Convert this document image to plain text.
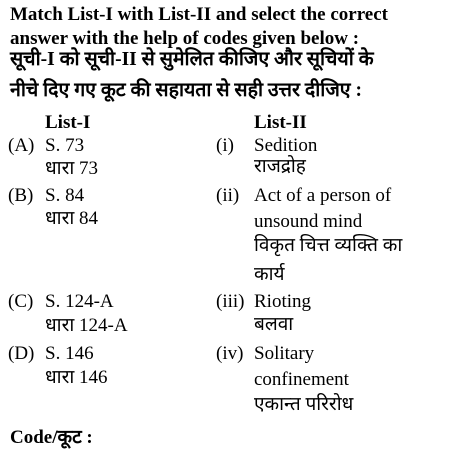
Match List-I with List-II and select the correct
answer with the help of codes given below :
सूची-I को सूची-II से सुमेलित कीजिए और सूचियों के
नीचे दिए गए कूट की सहायता से सही उत्तर दीजिए :
List-I	List-II
(A) S. 73
धारा 73
(i) Sedition
राजद्रोह
(B) S. 84
धारा 84
(ii) Act of a person of
unsound mind
विकृत चित्त व्यक्ति का
कार्य
(C) S. 124-A
धारा 124-A
(iii) Rioting
बलवा
(D) S. 146
धारा 146
(iv) Solitary
confinement
एकान्त परिरोध
Code/कूट :
